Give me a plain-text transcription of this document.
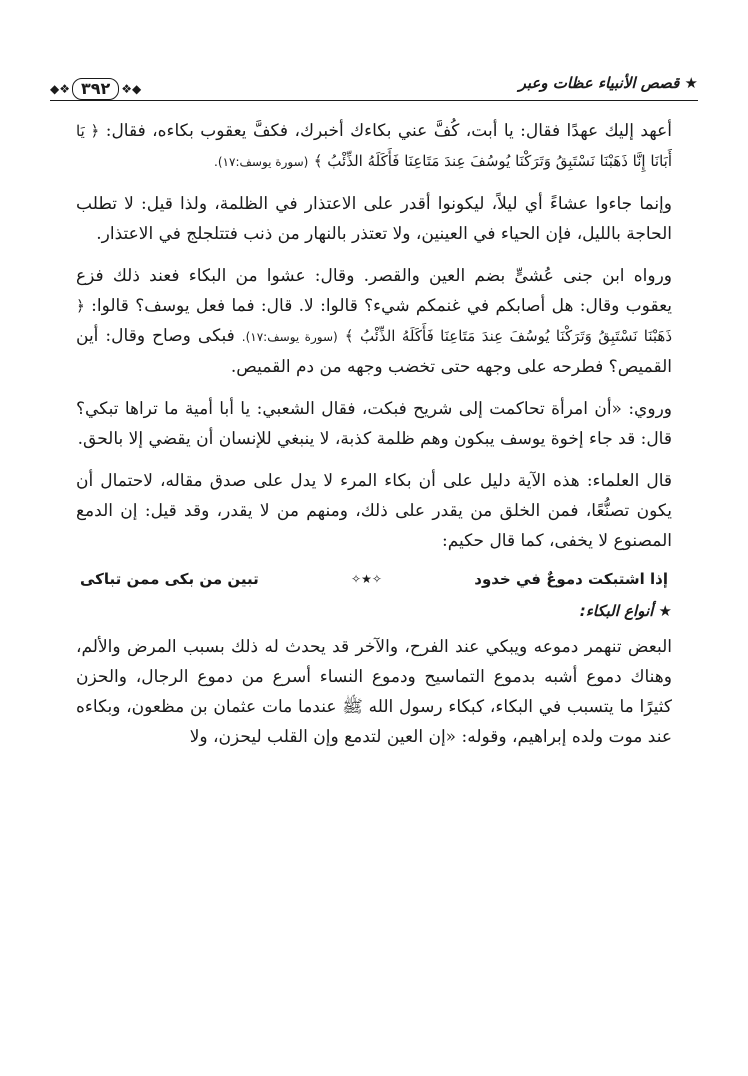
★ قصص الأنبياء عظات وعبر
◆❖ ٣٩٢ ❖◆

أعهد إليك عهدًا فقال: يا أبت، كُفَّ عني بكاءك أخبرك، فكفَّ يعقوب بكاءه، فقال: ﴿ يَا أَبَانَا إِنَّا ذَهَبْنَا نَسْتَبِقُ وَتَرَكْنَا يُوسُفَ عِندَ مَتَاعِنَا فَأَكَلَهُ الذِّئْبُ ﴾ (سورة يوسف:١٧).

وإنما جاءوا عشاءً أي ليلاً، ليكونوا أقدر على الاعتذار في الظلمة، ولذا قيل: لا تطلب الحاجة بالليل، فإن الحياء في العينين، ولا تعتذر بالنهار من ذنب فتتلجلج في الاعتذار.

ورواه ابن جنى عُشىٍّ بضم العين والقصر. وقال: عشوا من البكاء فعند ذلك فزع يعقوب وقال: هل أصابكم في غنمكم شيء؟ قالوا: لا. قال: فما فعل يوسف؟ قالوا: ﴿ ذَهَبْنَا نَسْتَبِقُ وَتَرَكْنَا يُوسُفَ عِندَ مَتَاعِنَا فَأَكَلَهُ الذِّئْبُ ﴾ (سورة يوسف:١٧). فبكى وصاح وقال: أين القميص؟ فطرحه على وجهه حتى تخضب وجهه من دم القميص.

وروي: «أن امرأة تحاكمت إلى شريح فبكت، فقال الشعبي: يا أبا أمية ما تراها تبكي؟ قال: قد جاء إخوة يوسف يبكون وهم ظلمة كذبة، لا ينبغي للإنسان أن يقضي إلا بالحق.

قال العلماء: هذه الآية دليل على أن بكاء المرء لا يدل على صدق مقاله، لاحتمال أن يكون تصنُّعًا، فمن الخلق من يقدر على ذلك، ومنهم من لا يقدر، وقد قيل: إن الدمع المصنوع لا يخفى، كما قال حكيم:

إذا اشتبكت دموعٌ في خدود
✧★✧
تبين من بكى ممن تباكى
★ أنواع البكاء:

البعض تنهمر دموعه ويبكي عند الفرح، والآخر قد يحدث له ذلك بسبب المرض والألم، وهناك دموع أشبه بدموع التماسيح ودموع النساء أسرع من دموع الرجال، والحزن كثيرًا ما يتسبب في البكاء، كبكاء رسول الله ﷺ عندما مات عثمان بن مظعون، وبكاءه عند موت ولده إبراهيم، وقوله: «إن العين لتدمع وإن القلب ليحزن، ولا
